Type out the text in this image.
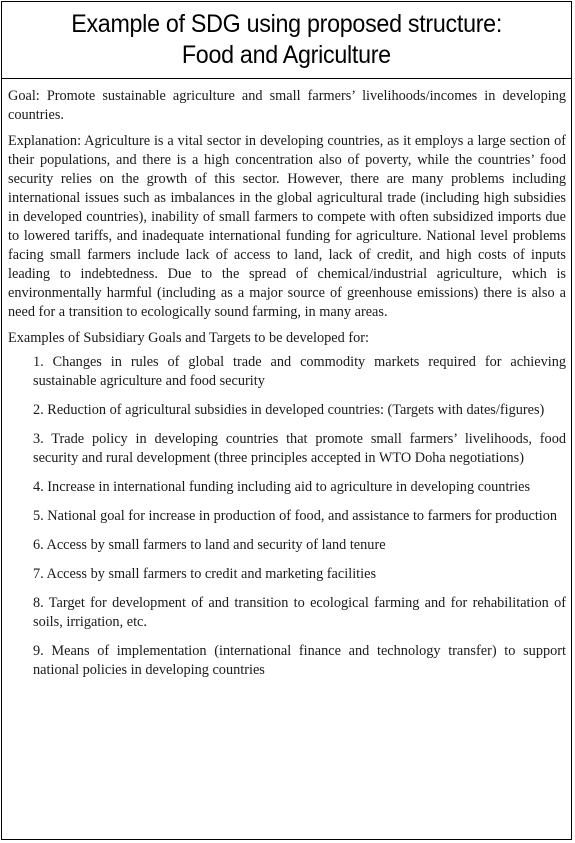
Example of SDG using proposed structure:
Food and Agriculture

Goal: Promote sustainable agriculture and small farmers’ livelihoods/incomes in developing countries.

Explanation: Agriculture is a vital sector in developing countries, as it employs a large section of their populations, and there is a high concentration also of poverty, while the countries’ food security relies on the growth of this sector. However, there are many problems including international issues such as imbalances in the global agricultural trade (including high subsidies in developed countries), inability of small farmers to compete with often subsidized imports due to lowered tariffs, and inadequate international funding for agriculture. National level problems facing small farmers include lack of access to land, lack of credit, and high costs of inputs leading to indebtedness. Due to the spread of chemical/industrial agriculture, which is environmentally harmful (including as a major source of greenhouse emissions) there is also a need for a transition to ecologically sound farming, in many areas.

Examples of Subsidiary Goals and Targets to be developed for:

1. Changes in rules of global trade and commodity markets required for achieving sustainable agriculture and food security
2. Reduction of agricultural subsidies in developed countries: (Targets with dates/figures)
3. Trade policy in developing countries that promote small farmers’ livelihoods, food security and rural development (three principles accepted in WTO Doha negotiations)
4. Increase in international funding including aid to agriculture in developing countries
5. National goal for increase in production of food, and assistance to farmers for production
6. Access by small farmers to land and security of land tenure
7. Access by small farmers to credit and marketing facilities
8. Target for development of and transition to ecological farming and for rehabilitation of soils, irrigation, etc.
9. Means of implementation (international finance and technology transfer) to support national policies in developing countries
